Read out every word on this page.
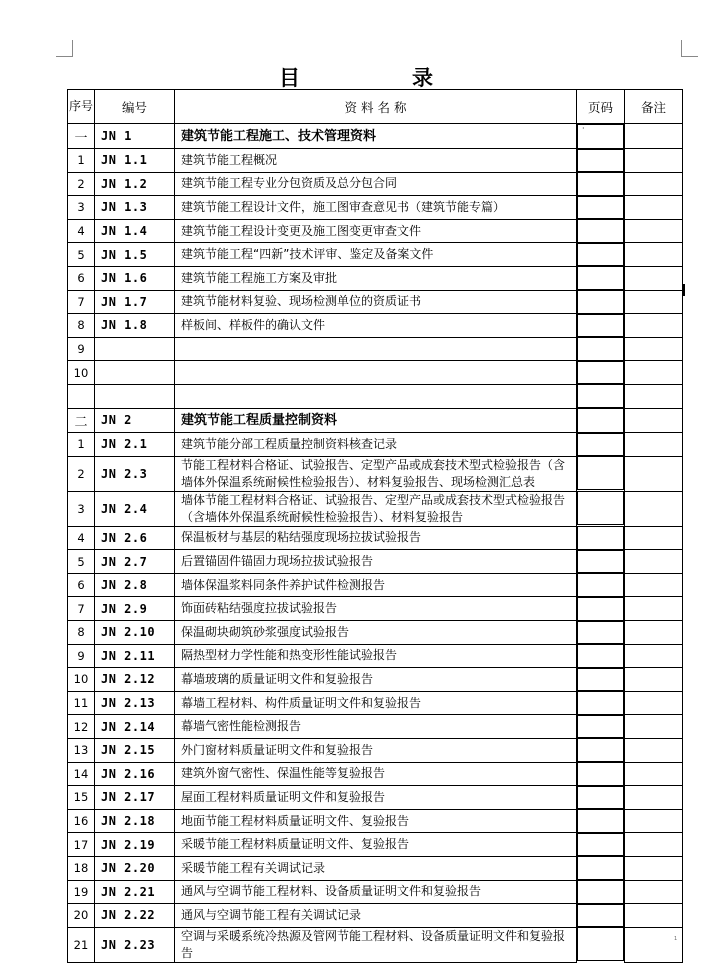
目	录
序号	编号	资 料 名 称	页码	备注
一	JN 1	建筑节能工程施工、技术管理资料		·

1	JN 1.1	建筑节能工程概况	

2	JN 1.2	建筑节能工程专业分包资质及总分包合同	

3	JN 1.3	建筑节能工程设计文件，施工图审查意见书（建筑节能专篇）	

4	JN 1.4	建筑节能工程设计变更及施工图变更审查文件	

5	JN 1.5	建筑节能工程“四新”技术评审、鉴定及备案文件	

6	JN 1.6	建筑节能工程施工方案及审批	

7	JN 1.7	建筑节能材料复验、现场检测单位的资质证书	

8	JN 1.8	样板间、样板件的确认文件	

9			

10			

二	JN 2	建筑节能工程质量控制资料	

1	JN 2.1	建筑节能分部工程质量控制资料核查记录	

2	JN 2.3	节能工程材料合格证、试验报告、定型产品或成套技术型式检验报告（含墙体外保温系统耐候性检验报告）、材料复验报告、现场检测汇总表	

3	JN 2.4	墙体节能工程材料合格证、试验报告、定型产品或成套技术型式检验报告（含墙体外保温系统耐候性检验报告）、材料复验报告	

4	JN 2.6	保温板材与基层的粘结强度现场拉拔试验报告	

5	JN 2.7	后置锚固件锚固力现场拉拔试验报告	

6	JN 2.8	墙体保温浆料同条件养护试件检测报告	

7	JN 2.9	饰面砖粘结强度拉拔试验报告	

8	JN 2.10	保温砌块砌筑砂浆强度试验报告	

9	JN 2.11	隔热型材力学性能和热变形性能试验报告	

10	JN 2.12	幕墙玻璃的质量证明文件和复验报告	

11	JN 2.13	幕墙工程材料、构件质量证明文件和复验报告	

12	JN 2.14	幕墙气密性能检测报告	

13	JN 2.15	外门窗材料质量证明文件和复验报告	

14	JN 2.16	建筑外窗气密性、保温性能等复验报告	

15	JN 2.17	屋面工程材料质量证明文件和复验报告	

16	JN 2.18	地面节能工程材料质量证明文件、复验报告	

17	JN 2.19	采暖节能工程材料质量证明文件、复验报告	

18	JN 2.20	采暖节能工程有关调试记录	

19	JN 2.21	通风与空调节能工程材料、设备质量证明文件和复验报告	

20	JN 2.22	通风与空调节能工程有关调试记录	

21	JN 2.23	空调与采暖系统冷热源及管网节能工程材料、设备质量证明文件和复验报告	
1
